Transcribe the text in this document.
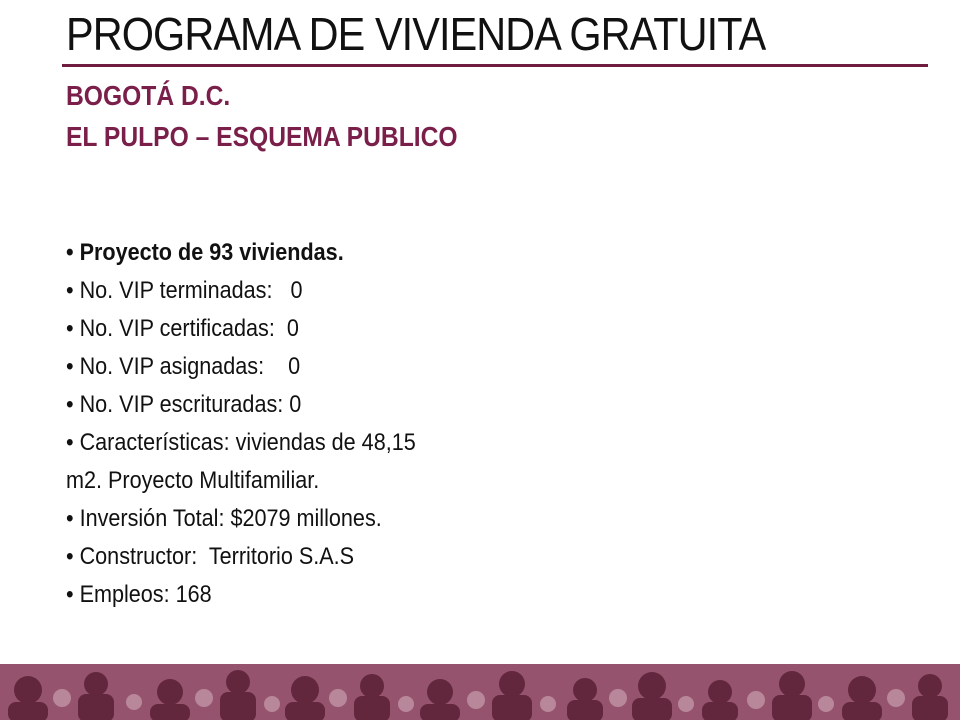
PROGRAMA DE VIVIENDA GRATUITA
BOGOTÁ D.C.
EL PULPO – ESQUEMA PUBLICO
• Proyecto de 93 viviendas.
• No. VIP terminadas:   0
• No. VIP certificadas:  0
• No. VIP asignadas:    0
• No. VIP escrituradas: 0
• Características: viviendas de 48,15
m2. Proyecto Multifamiliar.
• Inversión Total: $2079 millones.
• Constructor:  Territorio S.A.S
• Empleos: 168
